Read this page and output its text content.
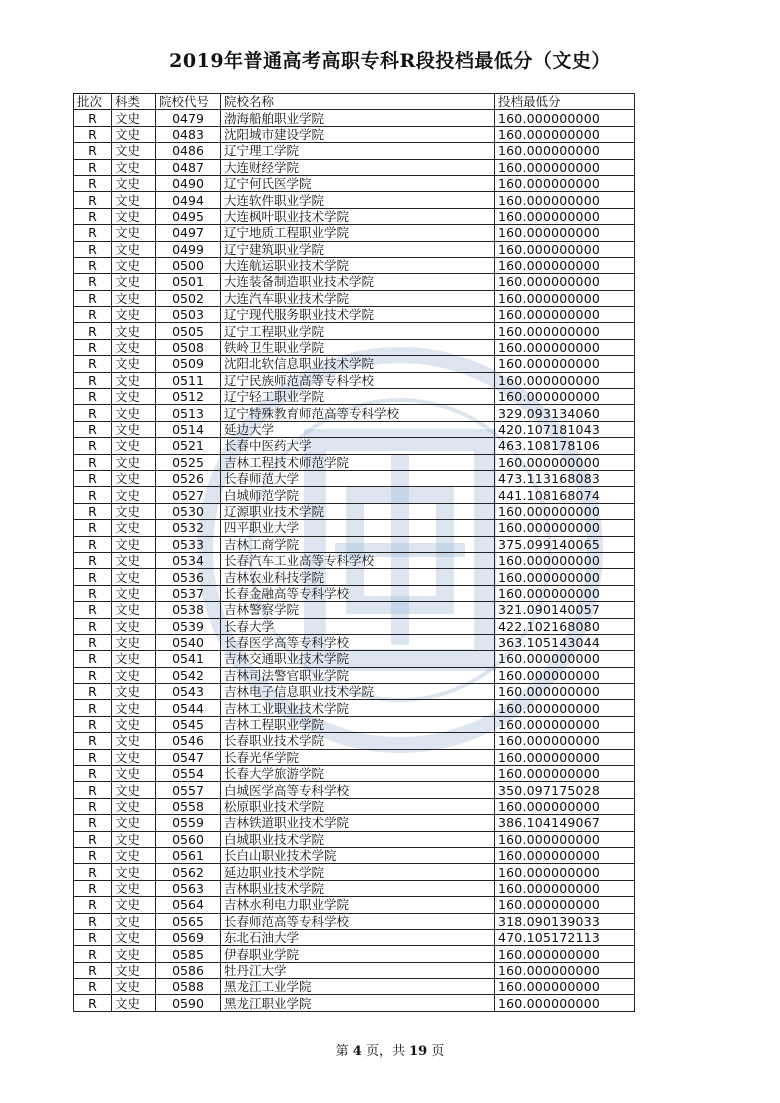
2019年普通高考高职专科R段投档最低分（文史）
批次	科类	院校代号	院校名称	投档最低分
R	文史	0479	渤海船舶职业学院	160.000000000
R	文史	0483	沈阳城市建设学院	160.000000000
R	文史	0486	辽宁理工学院	160.000000000
R	文史	0487	大连财经学院	160.000000000
R	文史	0490	辽宁何氏医学院	160.000000000
R	文史	0494	大连软件职业学院	160.000000000
R	文史	0495	大连枫叶职业技术学院	160.000000000
R	文史	0497	辽宁地质工程职业学院	160.000000000
R	文史	0499	辽宁建筑职业学院	160.000000000
R	文史	0500	大连航运职业技术学院	160.000000000
R	文史	0501	大连装备制造职业技术学院	160.000000000
R	文史	0502	大连汽车职业技术学院	160.000000000
R	文史	0503	辽宁现代服务职业技术学院	160.000000000
R	文史	0505	辽宁工程职业学院	160.000000000
R	文史	0508	铁岭卫生职业学院	160.000000000
R	文史	0509	沈阳北软信息职业技术学院	160.000000000
R	文史	0511	辽宁民族师范高等专科学校	160.000000000
R	文史	0512	辽宁轻工职业学院	160.000000000
R	文史	0513	辽宁特殊教育师范高等专科学校	329.093134060
R	文史	0514	延边大学	420.107181043
R	文史	0521	长春中医药大学	463.108178106
R	文史	0525	吉林工程技术师范学院	160.000000000
R	文史	0526	长春师范大学	473.113168083
R	文史	0527	白城师范学院	441.108168074
R	文史	0530	辽源职业技术学院	160.000000000
R	文史	0532	四平职业大学	160.000000000
R	文史	0533	吉林工商学院	375.099140065
R	文史	0534	长春汽车工业高等专科学校	160.000000000
R	文史	0536	吉林农业科技学院	160.000000000
R	文史	0537	长春金融高等专科学校	160.000000000
R	文史	0538	吉林警察学院	321.090140057
R	文史	0539	长春大学	422.102168080
R	文史	0540	长春医学高等专科学校	363.105143044
R	文史	0541	吉林交通职业技术学院	160.000000000
R	文史	0542	吉林司法警官职业学院	160.000000000
R	文史	0543	吉林电子信息职业技术学院	160.000000000
R	文史	0544	吉林工业职业技术学院	160.000000000
R	文史	0545	吉林工程职业学院	160.000000000
R	文史	0546	长春职业技术学院	160.000000000
R	文史	0547	长春光华学院	160.000000000
R	文史	0554	长春大学旅游学院	160.000000000
R	文史	0557	白城医学高等专科学校	350.097175028
R	文史	0558	松原职业技术学院	160.000000000
R	文史	0559	吉林铁道职业技术学院	386.104149067
R	文史	0560	白城职业技术学院	160.000000000
R	文史	0561	长白山职业技术学院	160.000000000
R	文史	0562	延边职业技术学院	160.000000000
R	文史	0563	吉林职业技术学院	160.000000000
R	文史	0564	吉林水利电力职业学院	160.000000000
R	文史	0565	长春师范高等专科学校	318.090139033
R	文史	0569	东北石油大学	470.105172113
R	文史	0585	伊春职业学院	160.000000000
R	文史	0586	牡丹江大学	160.000000000
R	文史	0588	黑龙江工业学院	160.000000000
R	文史	0590	黑龙江职业学院	160.000000000
第 4 页，共 19 页
